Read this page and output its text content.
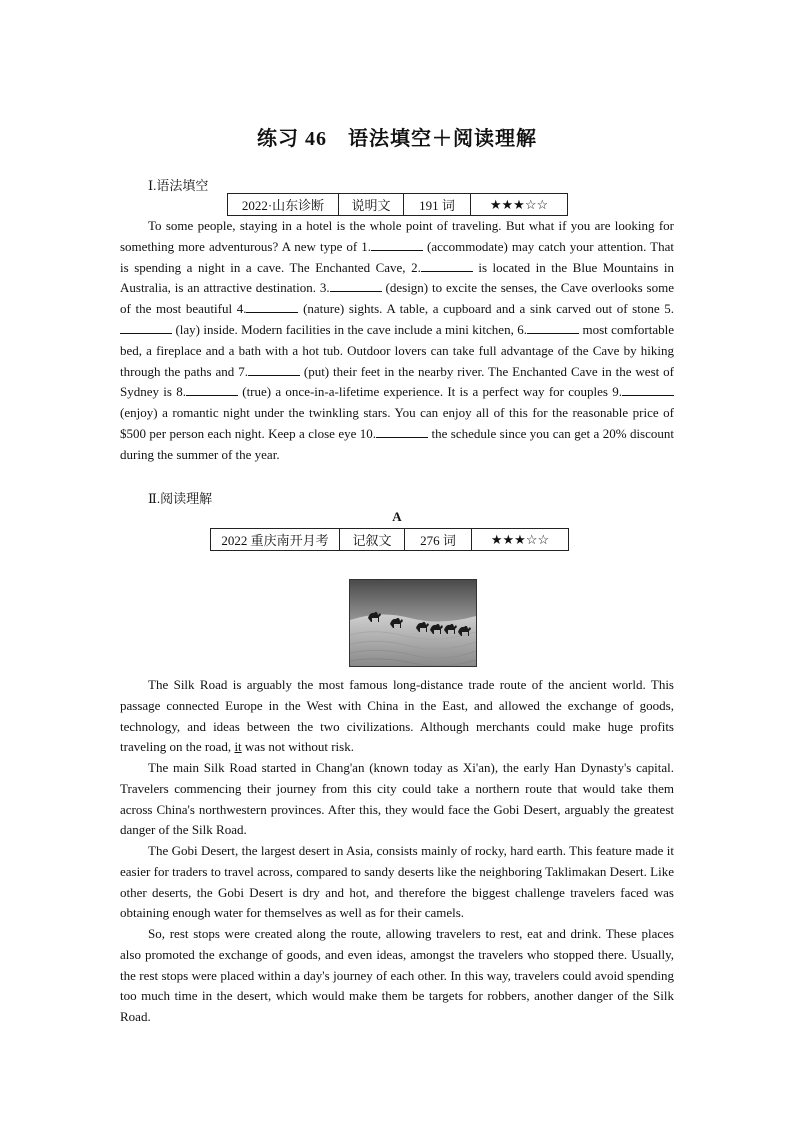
练习 46　语法填空＋阅读理解
Ⅰ.语法填空
2022·山东诊断	说明文	191 词	★★★☆☆

To some people, staying in a hotel is the whole point of traveling. But what if you are looking for something more adventurous? A new type of 1.	(accommodate) may catch your attention. That is spending a night in a cave. The Enchanted Cave, 2.	is located in the Blue Mountains in Australia, is an attractive destination. 3.	(design) to excite the senses, the Cave overlooks some of the most beautiful 4.	(nature) sights. A table, a cupboard and a sink carved out of stone 5. (lay) inside. Modern facilities in the cave include a mini kitchen, 6.	most comfortable bed, a fireplace and a bath with a hot tub. Outdoor lovers can take full advantage of the Cave by hiking through the paths and 7.	(put) their feet in the nearby river. The Enchanted Cave in the west of Sydney is 8.	(true) a once-in-a-lifetime experience. It is a perfect way for couples 9. (enjoy) a romantic night under the twinkling stars. You can enjoy all of this for the reasonable price of $500 per person each night. Keep a close eye 10.	the schedule since you can get a 20% discount during the summer of the year.

Ⅱ.阅读理解
A
2022 重庆南开月考	记叙文	276 词	★★★☆☆

The Silk Road is arguably the most famous long-distance trade route of the ancient world. This passage connected Europe in the West with China in the East, and allowed the exchange of goods, technology, and ideas between the two civilizations. Although merchants could make huge profits traveling on the road, it was not without risk.

The main Silk Road started in Chang'an (known today as Xi'an), the early Han Dynasty's capital. Travelers commencing their journey from this city could take a northern route that would take them across China's northwestern provinces. After this, they would face the Gobi Desert, arguably the greatest danger of the Silk Road.

The Gobi Desert, the largest desert in Asia, consists mainly of rocky, hard earth. This feature made it easier for traders to travel across, compared to sandy deserts like the neighboring Taklimakan Desert. Like other deserts, the Gobi Desert is dry and hot, and therefore the biggest challenge travelers faced was obtaining enough water for themselves as well as for their camels.

So, rest stops were created along the route, allowing travelers to rest, eat and drink. These places also promoted the exchange of goods, and even ideas, amongst the travelers who stopped there. Usually, the rest stops were placed within a day's journey of each other. In this way, travelers could avoid spending too much time in the desert, which would make them be targets for robbers, another danger of the Silk Road.
